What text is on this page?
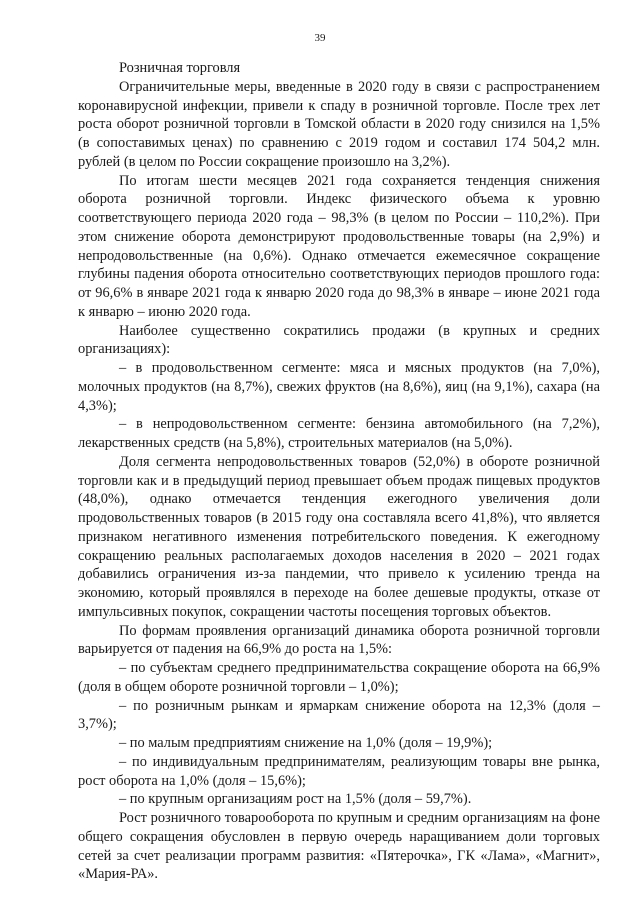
39

Розничная торговля

Ограничительные меры, введенные в 2020 году в связи с распространением коронавирусной инфекции, привели к спаду в розничной торговле. После трех лет роста оборот розничной торговли в Томской области в 2020 году снизился на 1,5% (в сопоставимых ценах) по сравнению с 2019 годом и составил 174 504,2 млн. рублей (в целом по России сокращение произошло на 3,2%).

По итогам шести месяцев 2021 года сохраняется тенденция снижения оборота розничной торговли. Индекс физического объема к уровню соответствующего периода 2020 года – 98,3% (в целом по России – 110,2%). При этом снижение оборота демонстрируют продовольственные товары (на 2,9%) и непродовольственные (на 0,6%). Однако отмечается ежемесячное сокращение глубины падения оборота относительно соответствующих периодов прошлого года: от 96,6% в январе 2021 года к январю 2020 года до 98,3% в январе – июне 2021 года к январю – июню 2020 года.

Наиболее существенно сократились продажи (в крупных и средних организациях):

– в продовольственном сегменте: мяса и мясных продуктов (на 7,0%), молочных продуктов (на 8,7%), свежих фруктов (на 8,6%), яиц (на 9,1%), сахара (на 4,3%);

– в непродовольственном сегменте: бензина автомобильного (на 7,2%), лекарственных средств (на 5,8%), строительных материалов (на 5,0%).

Доля сегмента непродовольственных товаров (52,0%) в обороте розничной торговли как и в предыдущий период превышает объем продаж пищевых продуктов (48,0%), однако отмечается тенденция ежегодного увеличения доли продовольственных товаров (в 2015 году она составляла всего 41,8%), что является признаком негативного изменения потребительского поведения. К ежегодному сокращению реальных располагаемых доходов населения в 2020 – 2021 годах добавились ограничения из-за пандемии, что привело к усилению тренда на экономию, который проявлялся в переходе на более дешевые продукты, отказе от импульсивных покупок, сокращении частоты посещения торговых объектов.

По формам проявления организаций динамика оборота розничной торговли варьируется от падения на 66,9% до роста на 1,5%:

– по субъектам среднего предпринимательства сокращение оборота на 66,9% (доля в общем обороте розничной торговли – 1,0%);

– по розничным рынкам и ярмаркам снижение оборота на 12,3% (доля – 3,7%);

– по малым предприятиям снижение на 1,0% (доля – 19,9%);

– по индивидуальным предпринимателям, реализующим товары вне рынка, рост оборота на 1,0% (доля – 15,6%);

– по крупным организациям рост на 1,5% (доля – 59,7%).

Рост розничного товарооборота по крупным и средним организациям на фоне общего сокращения обусловлен в первую очередь наращиванием доли торговых сетей за счет реализации программ развития: «Пятерочка», ГК «Лама», «Магнит», «Мария-РА».
